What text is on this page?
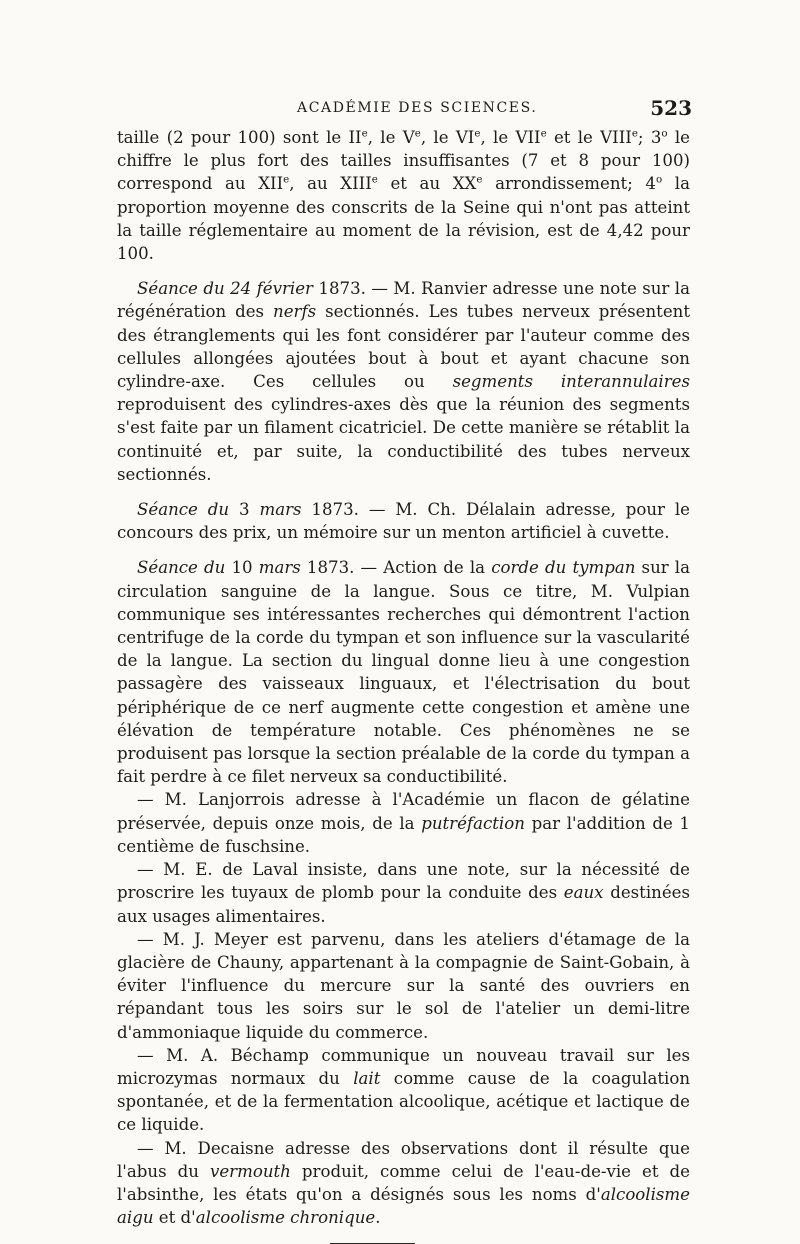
ACADÉMIE DES SCIENCES.	523

taille (2 pour 100) sont le IIe, le Ve, le VIe, le VIIe et le VIIIe; 3$^o$ le chiffre le plus fort des tailles insuffisantes (7 et 8 pour 100) correspond au XIIe, au XIIIe et au XXe arrondissement; 4$^o$ la proportion moyenne des conscrits de la Seine qui n'ont pas atteint la taille réglementaire au moment de la révision, est de 4,42 pour 100.

Séance du 24 février 1873. — M. Ranvier adresse une note sur la régénération des nerfs sectionnés. Les tubes nerveux présentent des étranglements qui les font considérer par l'auteur comme des cellules allongées ajoutées bout à bout et ayant chacune son cylindre-axe. Ces cellules ou segments interannulaires reproduisent des cylindres-axes dès que la réunion des segments s'est faite par un filament cicatriciel. De cette manière se rétablit la continuité et, par suite, la conductibilité des tubes nerveux sectionnés.

Séance du 3 mars 1873. — M. Ch. Délalain adresse, pour le concours des prix, un mémoire sur un menton artificiel à cuvette.

Séance du 10 mars 1873. — Action de la corde du tympan sur la circulation sanguine de la langue. Sous ce titre, M. Vulpian communique ses intéressantes recherches qui démontrent l'action centrifuge de la corde du tympan et son influence sur la vascularité de la langue. La section du lingual donne lieu à une congestion passagère des vaisseaux linguaux, et l'électrisation du bout périphérique de ce nerf augmente cette congestion et amène une élévation de température notable. Ces phénomènes ne se produisent pas lorsque la section préalable de la corde du tympan a fait perdre à ce filet nerveux sa conductibilité.

— M. Lanjorrois adresse à l'Académie un flacon de gélatine préservée, depuis onze mois, de la putréfaction par l'addition de 1 centième de fuschsine.

— M. E. de Laval insiste, dans une note, sur la nécessité de proscrire les tuyaux de plomb pour la conduite des eaux destinées aux usages alimentaires.

— M. J. Meyer est parvenu, dans les ateliers d'étamage de la glacière de Chauny, appartenant à la compagnie de Saint-Gobain, à éviter l'influence du mercure sur la santé des ouvriers en répandant tous les soirs sur le sol de l'atelier un demi-litre d'ammoniaque liquide du commerce.

— M. A. Béchamp communique un nouveau travail sur les microzymas normaux du lait comme cause de la coagulation spontanée, et de la fermentation alcoolique, acétique et lactique de ce liquide.

— M. Decaisne adresse des observations dont il résulte que l'abus du vermouth produit, comme celui de l'eau-de-vie et de l'absinthe, les états qu'on a désignés sous les noms d'alcoolisme aigu et d'alcoolisme chronique.
